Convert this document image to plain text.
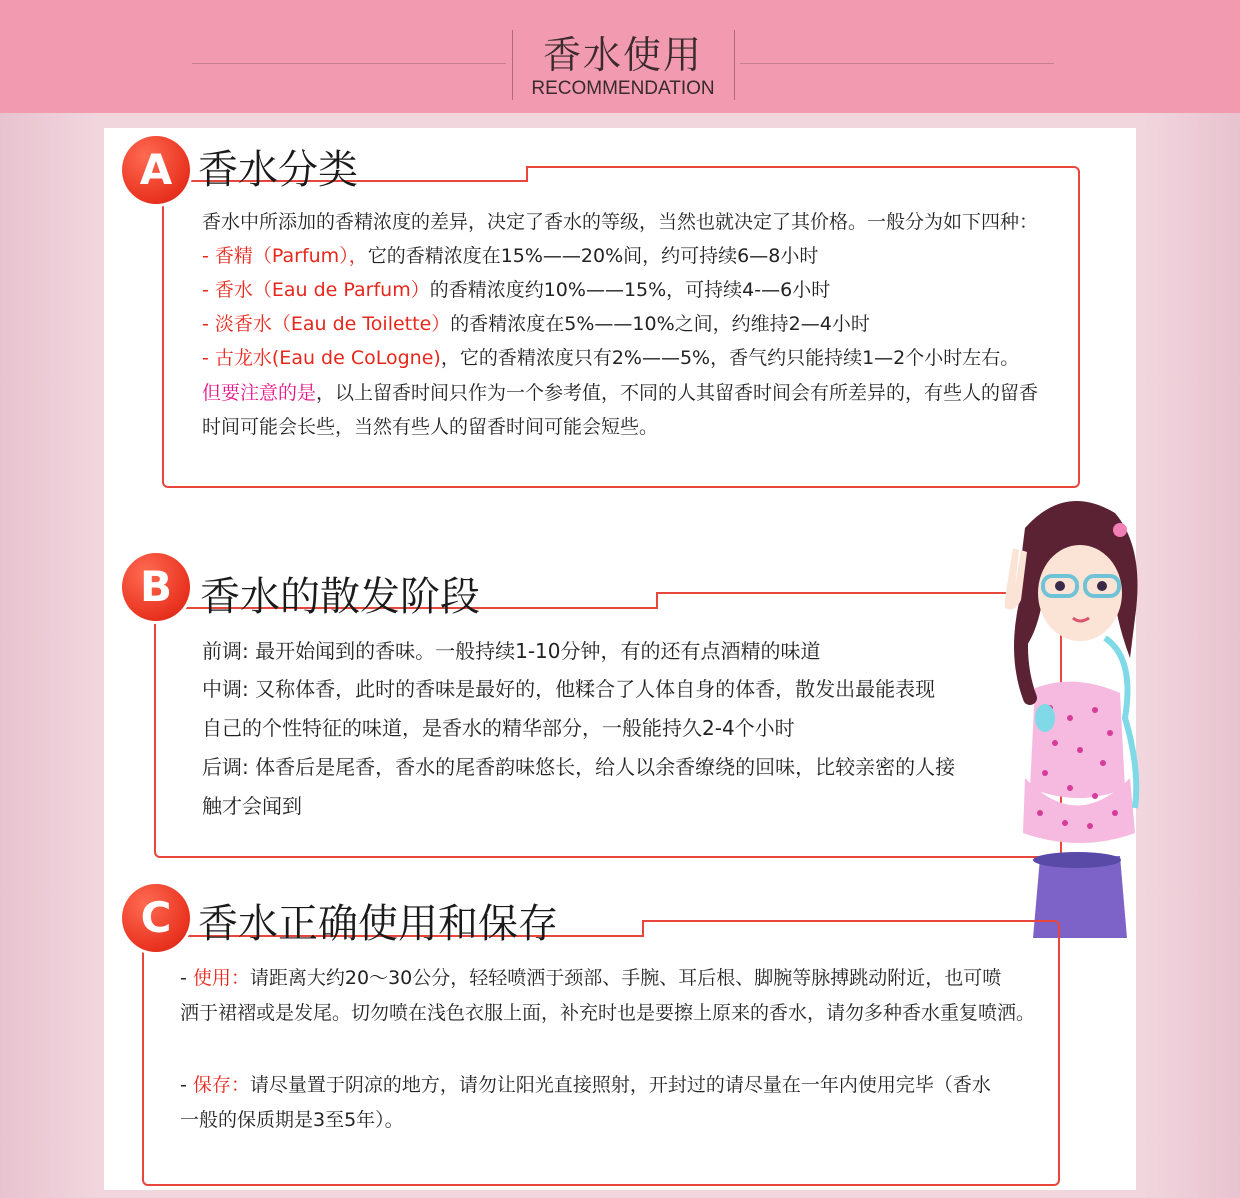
香水使用
RECOMMENDATION
A 香水分类
香水中所添加的香精浓度的差异，决定了香水的等级，当然也就决定了其价格。一般分为如下四种：
- 香精（Parfum），它的香精浓度在15%——20%间，约可持续6—8小时
- 香水（Eau de Parfum）的香精浓度约10%——15%，可持续4-—6小时
- 淡香水（Eau de Toilette）的香精浓度在5%——10%之间，约维持2—4小时
- 古龙水(Eau de CoLogne)，它的香精浓度只有2%——5%，香气约只能持续1—2个小时左右。
但要注意的是，以上留香时间只作为一个参考值，不同的人其留香时间会有所差异的，有些人的留香
时间可能会长些，当然有些人的留香时间可能会短些。
B 香水的散发阶段
前调: 最开始闻到的香味。一般持续1-10分钟，有的还有点酒精的味道
中调: 又称体香，此时的香味是最好的，他糅合了人体自身的体香，散发出最能表现
自己的个性特征的味道，是香水的精华部分，一般能持久2-4个小时
后调: 体香后是尾香，香水的尾香韵味悠长，给人以余香缭绕的回味，比较亲密的人接
触才会闻到
C 香水正确使用和保存
- 使用：请距离大约20～30公分，轻轻喷洒于颈部、手腕、耳后根、脚腕等脉搏跳动附近，也可喷
洒于裙褶或是发尾。切勿喷在浅色衣服上面，补充时也是要擦上原来的香水，请勿多种香水重复喷洒。
- 保存：请尽量置于阴凉的地方，请勿让阳光直接照射，开封过的请尽量在一年内使用完毕（香水
一般的保质期是3至5年）。
